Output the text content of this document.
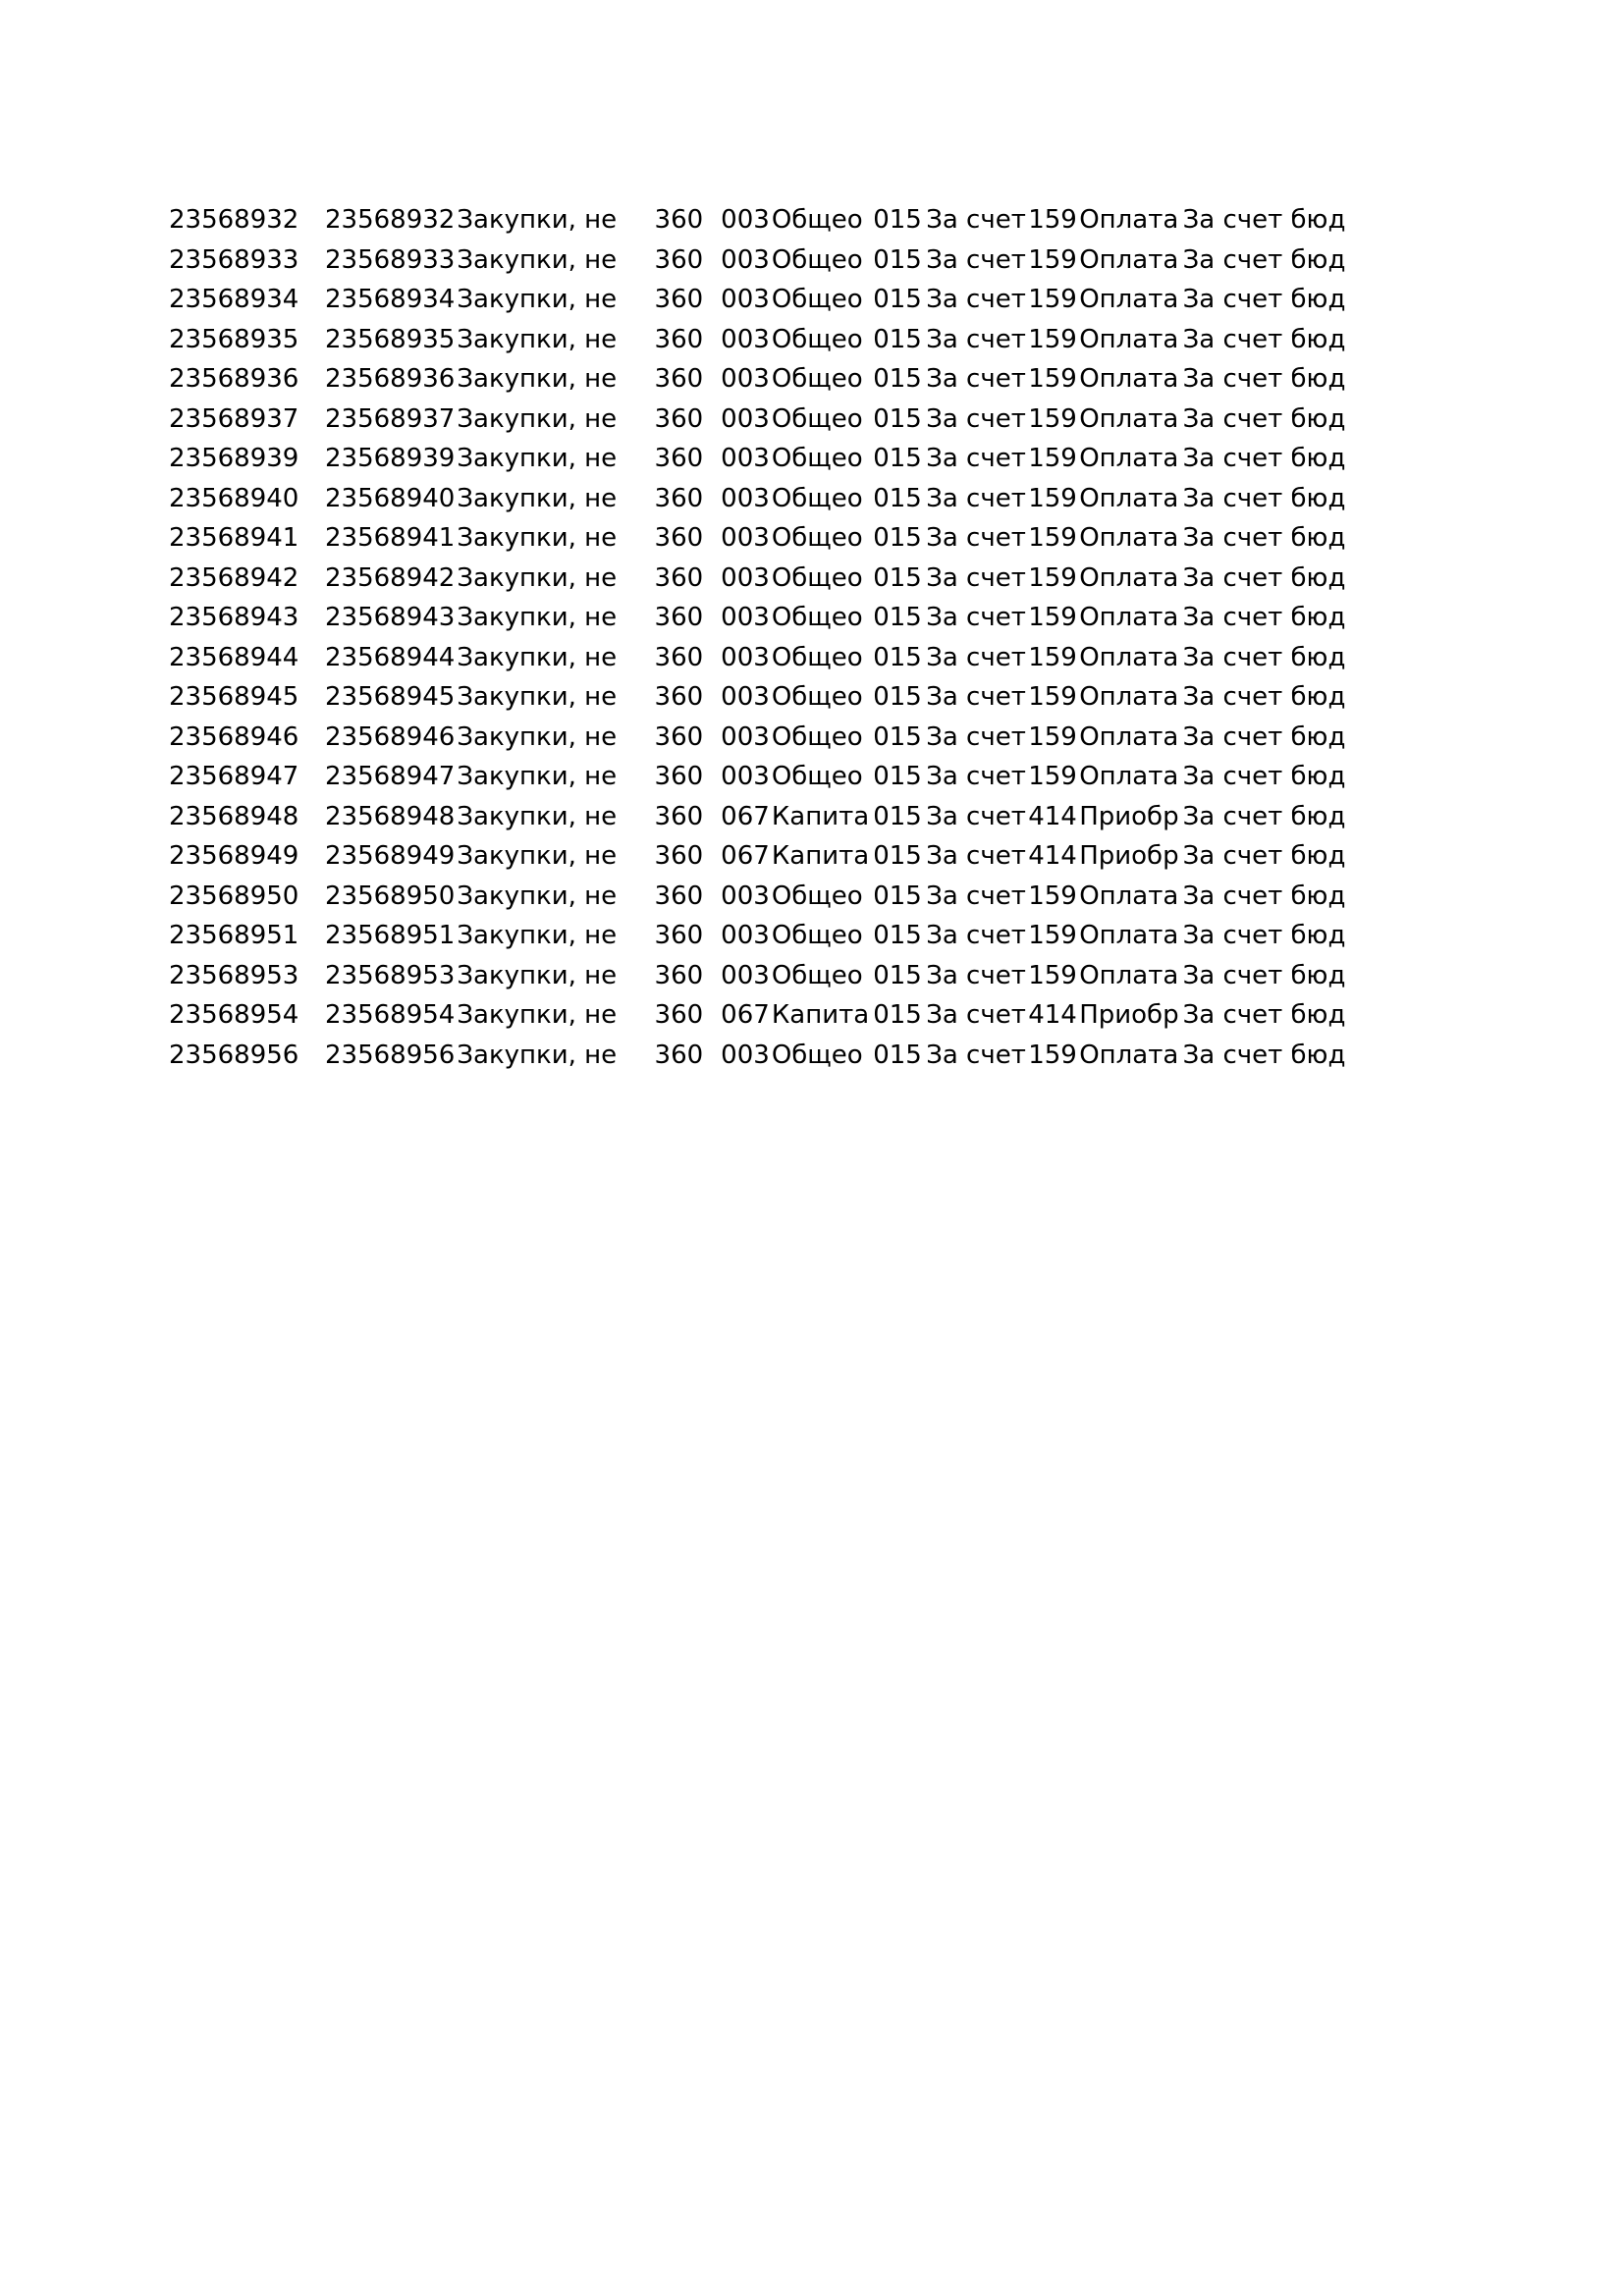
23568932	23568932	Закупки, не	360	003	Общео	015	За счет	159	Оплата	За счет бюд
23568933	23568933	Закупки, не	360	003	Общео	015	За счет	159	Оплата	За счет бюд
23568934	23568934	Закупки, не	360	003	Общео	015	За счет	159	Оплата	За счет бюд
23568935	23568935	Закупки, не	360	003	Общео	015	За счет	159	Оплата	За счет бюд
23568936	23568936	Закупки, не	360	003	Общео	015	За счет	159	Оплата	За счет бюд
23568937	23568937	Закупки, не	360	003	Общео	015	За счет	159	Оплата	За счет бюд
23568939	23568939	Закупки, не	360	003	Общео	015	За счет	159	Оплата	За счет бюд
23568940	23568940	Закупки, не	360	003	Общео	015	За счет	159	Оплата	За счет бюд
23568941	23568941	Закупки, не	360	003	Общео	015	За счет	159	Оплата	За счет бюд
23568942	23568942	Закупки, не	360	003	Общео	015	За счет	159	Оплата	За счет бюд
23568943	23568943	Закупки, не	360	003	Общео	015	За счет	159	Оплата	За счет бюд
23568944	23568944	Закупки, не	360	003	Общео	015	За счет	159	Оплата	За счет бюд
23568945	23568945	Закупки, не	360	003	Общео	015	За счет	159	Оплата	За счет бюд
23568946	23568946	Закупки, не	360	003	Общео	015	За счет	159	Оплата	За счет бюд
23568947	23568947	Закупки, не	360	003	Общео	015	За счет	159	Оплата	За счет бюд
23568948	23568948	Закупки, не	360	067	Капита	015	За счет	414	Приобр	За счет бюд
23568949	23568949	Закупки, не	360	067	Капита	015	За счет	414	Приобр	За счет бюд
23568950	23568950	Закупки, не	360	003	Общео	015	За счет	159	Оплата	За счет бюд
23568951	23568951	Закупки, не	360	003	Общео	015	За счет	159	Оплата	За счет бюд
23568953	23568953	Закупки, не	360	003	Общео	015	За счет	159	Оплата	За счет бюд
23568954	23568954	Закупки, не	360	067	Капита	015	За счет	414	Приобр	За счет бюд
23568956	23568956	Закупки, не	360	003	Общео	015	За счет	159	Оплата	За счет бюд
